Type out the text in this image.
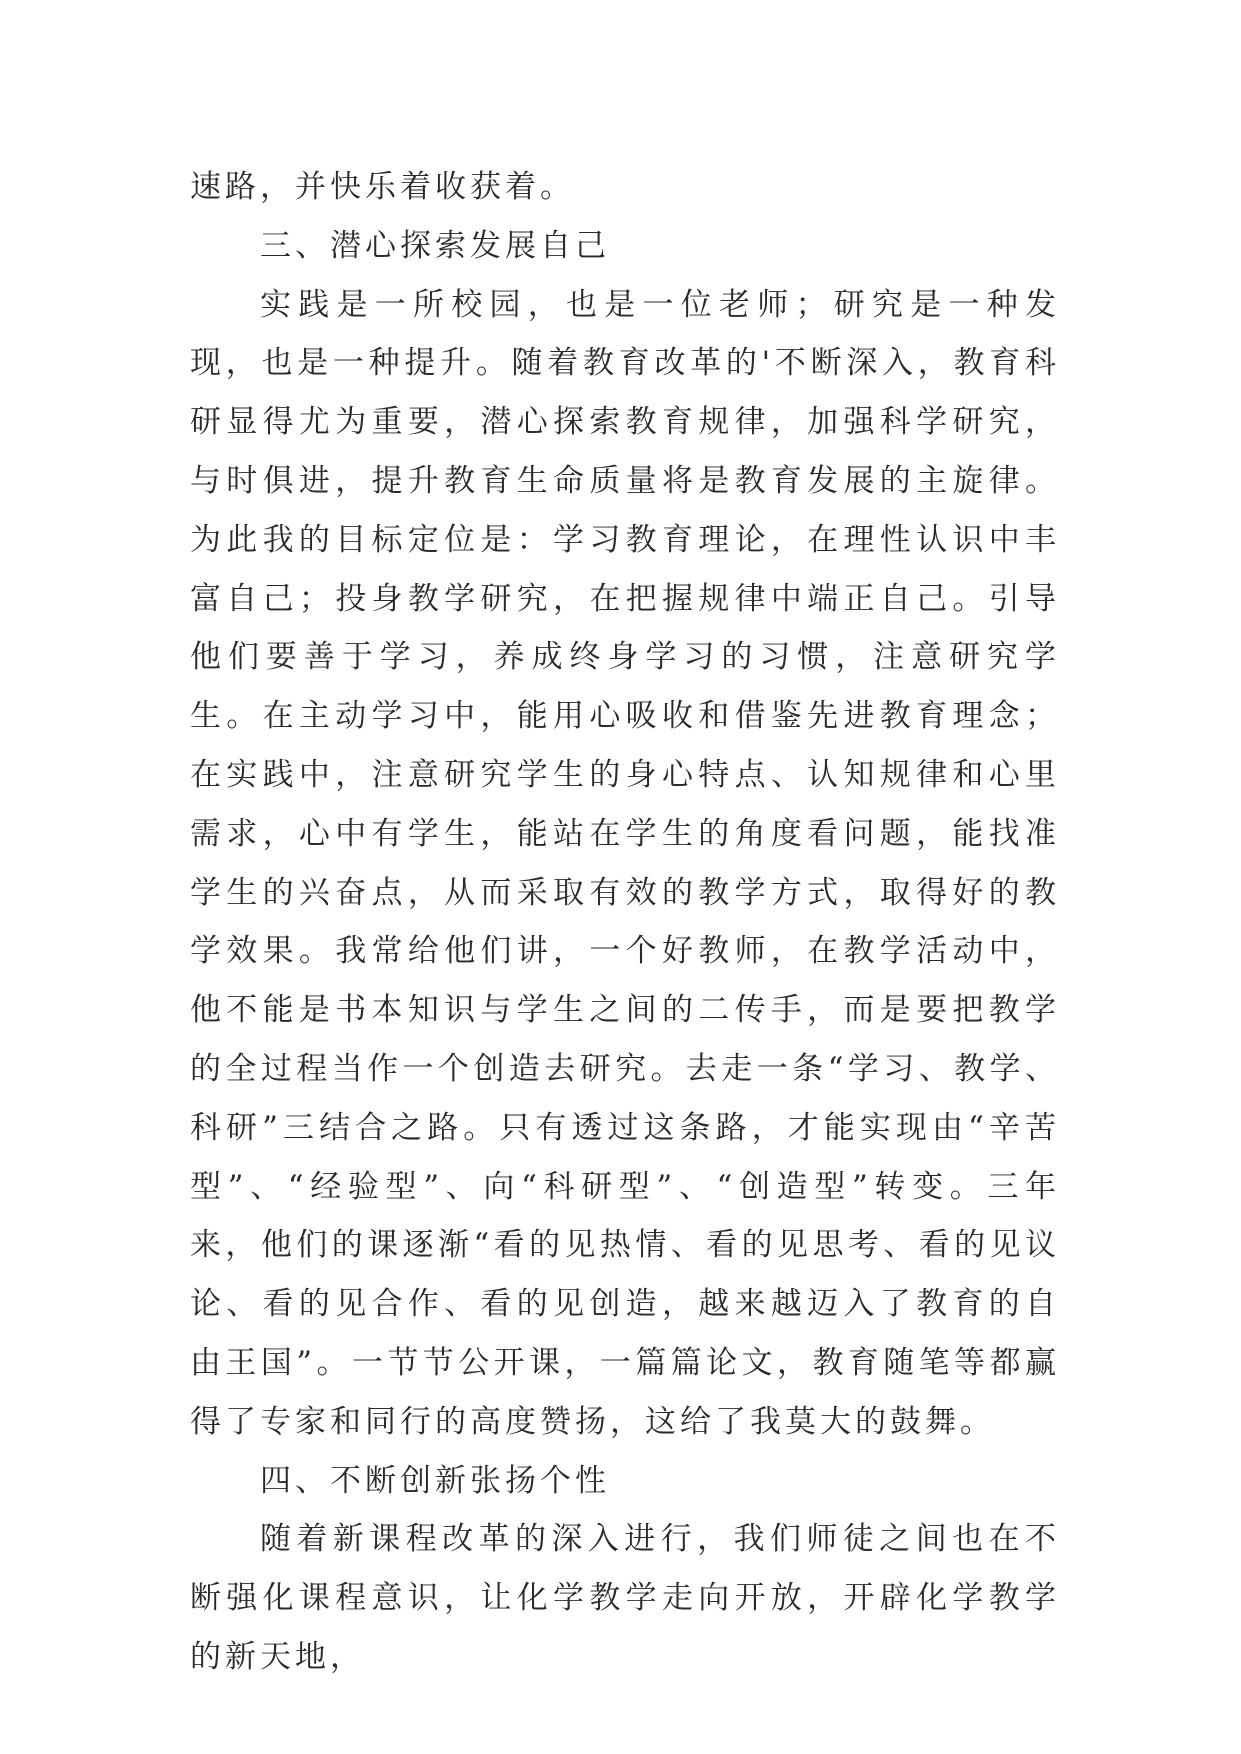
速路，并快乐着收获着。

三、潜心探索发展自己

实践是一所校园，也是一位老师；研究是一种发现，也是一种提升。随着教育改革的'不断深入，教育科研显得尤为重要，潜心探索教育规律，加强科学研究，与时俱进，提升教育生命质量将是教育发展的主旋律。为此我的目标定位是：学习教育理论，在理性认识中丰富自己；投身教学研究，在把握规律中端正自己。引导他们要善于学习，养成终身学习的习惯，注意研究学生。在主动学习中，能用心吸收和借鉴先进教育理念；在实践中，注意研究学生的身心特点、认知规律和心里需求，心中有学生，能站在学生的角度看问题，能找准学生的兴奋点，从而采取有效的教学方式，取得好的教学效果。我常给他们讲，一个好教师，在教学活动中，他不能是书本知识与学生之间的二传手，而是要把教学的全过程当作一个创造去研究。去走一条“学习、教学、科研”三结合之路。只有透过这条路，才能实现由“辛苦型”、“经验型”、向“科研型”、“创造型”转变。三年来，他们的课逐渐“看的见热情、看的见思考、看的见议论、看的见合作、看的见创造，越来越迈入了教育的自由王国”。一节节公开课，一篇篇论文，教育随笔等都赢得了专家和同行的高度赞扬，这给了我莫大的鼓舞。

四、不断创新张扬个性

随着新课程改革的深入进行，我们师徒之间也在不断强化课程意识，让化学教学走向开放，开辟化学教学的新天地，
